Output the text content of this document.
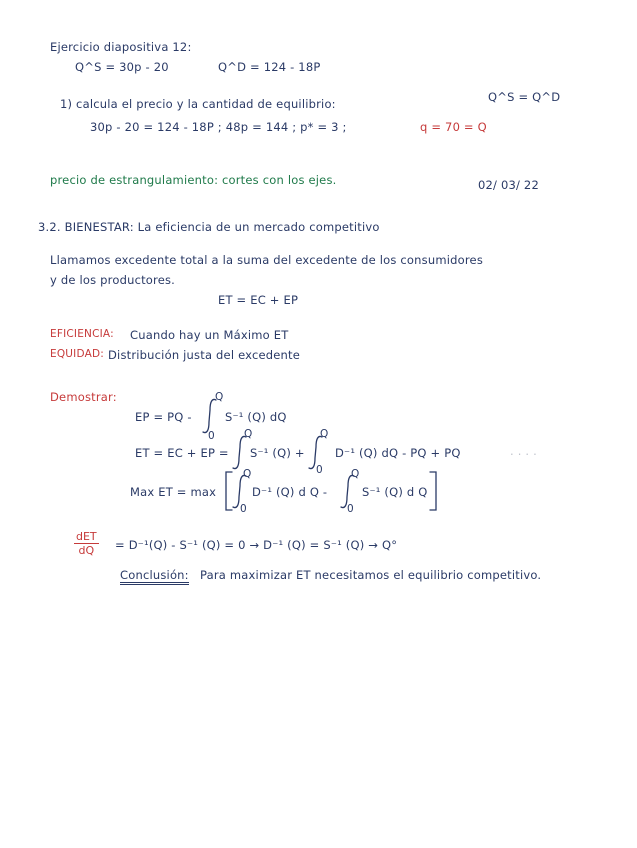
Ejercicio diapositiva 12:
Q^S = 30p - 20	Q^D = 124 - 18P
1) calcula el precio y la cantidad de equilibrio:	Q^S = Q^D
30p - 20 = 124 - 18P ; 48p = 144 ; p* = 3 ;	q = 70 = Q
precio de estrangulamiento: cortes con los ejes.	02/ 03/ 22
3.2. BIENESTAR: La eficiencia de un mercado competitivo
Llamamos excedente total a la suma del excedente de los consumidores
y de los productores.
ET = EC + EP
EFICIENCIA: Cuando hay un Máximo ET
EQUIDAD: Distribución justa del excedente
Demostrar:
EP = PQ -
Q
0
S⁻¹ (Q) dQ
ET = EC + EP =
Q
S⁻¹ (Q) +
Q
0
D⁻¹ (Q) dQ - PQ + PQ	. . . .
Max ET = max
Q
0
D⁻¹ (Q) d Q -
Q
0
S⁻¹ (Q) d Q
dET
dQ	= D⁻¹(Q) - S⁻¹ (Q) = 0 → D⁻¹ (Q) = S⁻¹ (Q) → Q°
Conclusión: Para maximizar ET necesitamos el equilibrio competitivo.
